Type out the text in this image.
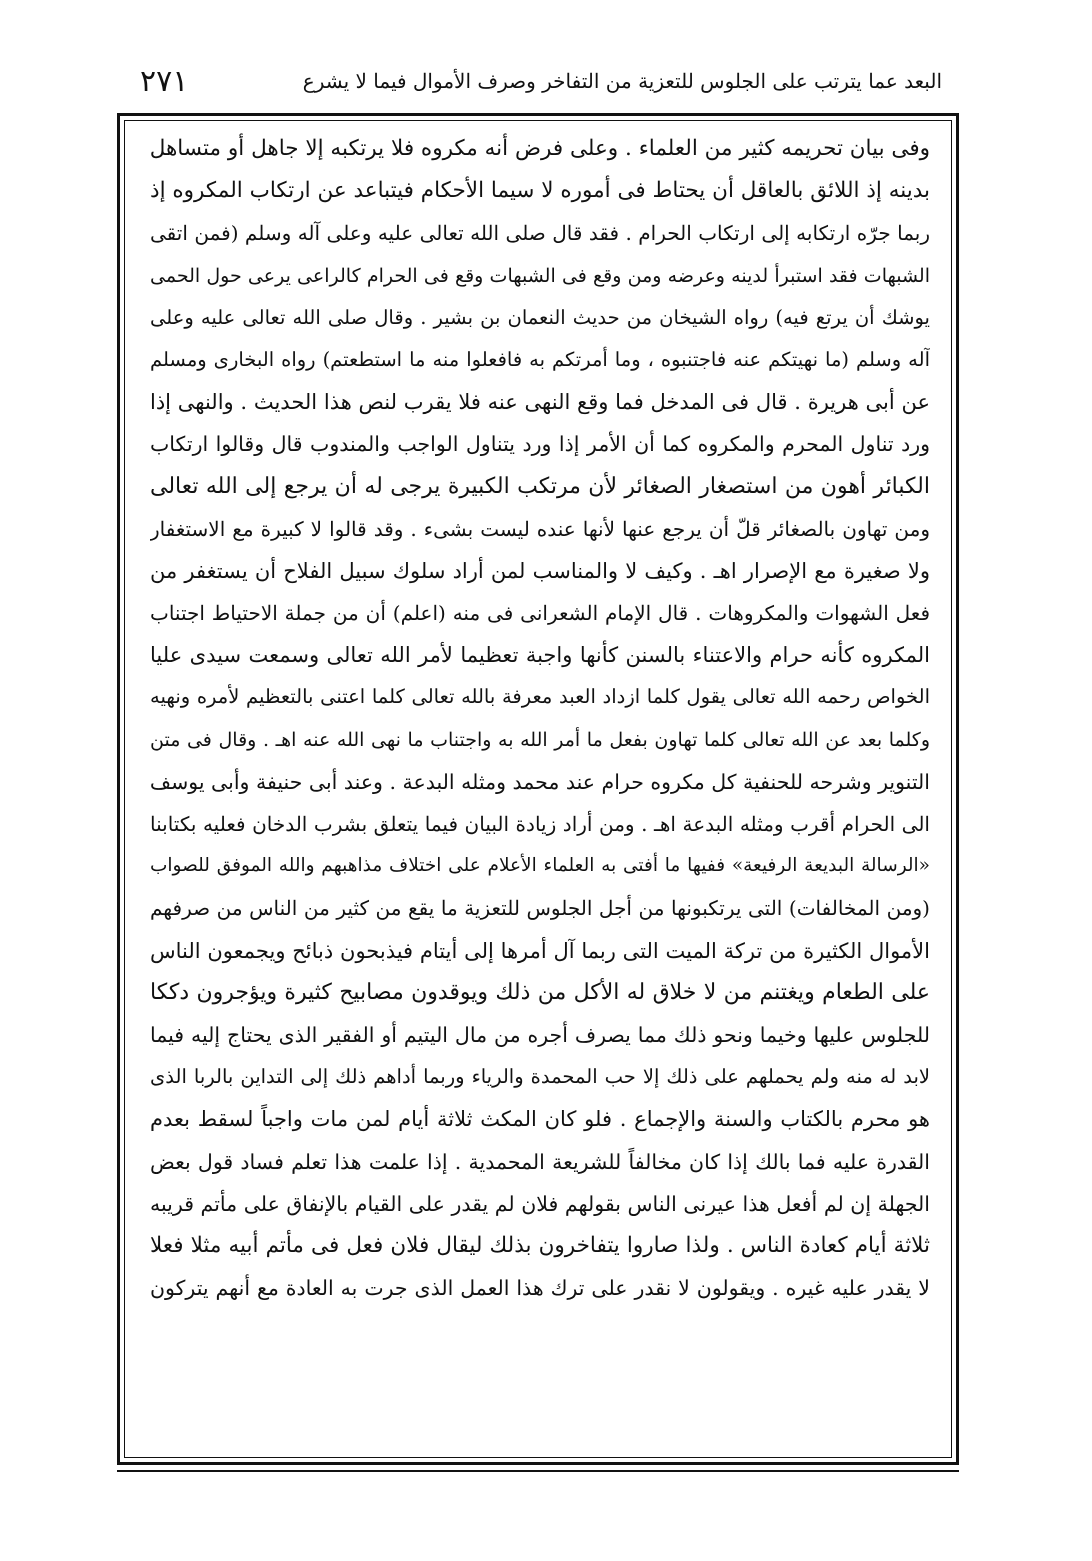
البعد عما يترتب على الجلوس للتعزية من التفاخر وصرف الأموال فيما لا يشرع
٢٧١
وفى بيان تحريمه كثير من العلماء . وعلى فرض أنه مكروه فلا يرتكبه إلا جاهل أو متساهل
بدينه إذ اللائق بالعاقل أن يحتاط فى أموره لا سيما الأحكام فيتباعد عن ارتكاب المكروه إذ
ربما جرّه ارتكابه إلى ارتكاب الحرام . فقد قال صلى الله تعالى عليه وعلى آله وسلم (فمن اتقى
الشبهات فقد استبرأ لدينه وعرضه ومن وقع فى الشبهات وقع فى الحرام كالراعى يرعى حول الحمى
يوشك أن يرتع فيه) رواه الشيخان من حديث النعمان بن بشير . وقال صلى الله تعالى عليه وعلى
آله وسلم (ما نهيتكم عنه فاجتنبوه ، وما أمرتكم به فافعلوا منه ما استطعتم) رواه البخارى ومسلم
عن أبى هريرة . قال فى المدخل فما وقع النهى عنه فلا يقرب لنص هذا الحديث . والنهى إذا
ورد تناول المحرم والمكروه كما أن الأمر إذا ورد يتناول الواجب والمندوب قال وقالوا ارتكاب
الكبائر أهون من استصغار الصغائر لأن مرتكب الكبيرة يرجى له أن يرجع إلى الله تعالى
ومن تهاون بالصغائر قلّ أن يرجع عنها لأنها عنده ليست بشىء . وقد قالوا لا كبيرة مع الاستغفار
ولا صغيرة مع الإصرار اهـ . وكيف لا والمناسب لمن أراد سلوك سبيل الفلاح أن يستغفر من
فعل الشهوات والمكروهات . قال الإمام الشعرانى فى منه (اعلم) أن من جملة الاحتياط اجتناب
المكروه كأنه حرام والاعتناء بالسنن كأنها واجبة تعظيما لأمر الله تعالى وسمعت سيدى عليا
الخواص رحمه الله تعالى يقول كلما ازداد العبد معرفة بالله تعالى كلما اعتنى بالتعظيم لأمره ونهيه
وكلما بعد عن الله تعالى كلما تهاون بفعل ما أمر الله به واجتناب ما نهى الله عنه اهـ . وقال فى متن
التنوير وشرحه للحنفية كل مكروه حرام عند محمد ومثله البدعة . وعند أبى حنيفة وأبى يوسف
الى الحرام أقرب ومثله البدعة اهـ . ومن أراد زيادة البيان فيما يتعلق بشرب الدخان فعليه بكتابنا
«الرسالة البديعة الرفيعة» ففيها ما أفتى به العلماء الأعلام على اختلاف مذاهبهم والله الموفق للصواب
(ومن المخالفات) التى يرتكبونها من أجل الجلوس للتعزية ما يقع من كثير من الناس من صرفهم
الأموال الكثيرة من تركة الميت التى ربما آل أمرها إلى أيتام فيذبحون ذبائح ويجمعون الناس
على الطعام ويغتنم من لا خلاق له الأكل من ذلك ويوقدون مصابيح كثيرة ويؤجرون دككا
للجلوس عليها وخيما ونحو ذلك مما يصرف أجره من مال اليتيم أو الفقير الذى يحتاج إليه فيما
لابد له منه ولم يحملهم على ذلك إلا حب المحمدة والرياء وربما أداهم ذلك إلى التداين بالربا الذى
هو محرم بالكتاب والسنة والإجماع . فلو كان المكث ثلاثة أيام لمن مات واجباً لسقط بعدم
القدرة عليه فما بالك إذا كان مخالفاً للشريعة المحمدية . إذا علمت هذا تعلم فساد قول بعض
الجهلة إن لم أفعل هذا عيرنى الناس بقولهم فلان لم يقدر على القيام بالإنفاق على مأتم قريبه
ثلاثة أيام كعادة الناس . ولذا صاروا يتفاخرون بذلك ليقال فلان فعل فى مأتم أبيه مثلا فعلا
لا يقدر عليه غيره . ويقولون لا نقدر على ترك هذا العمل الذى جرت به العادة مع أنهم يتركون
